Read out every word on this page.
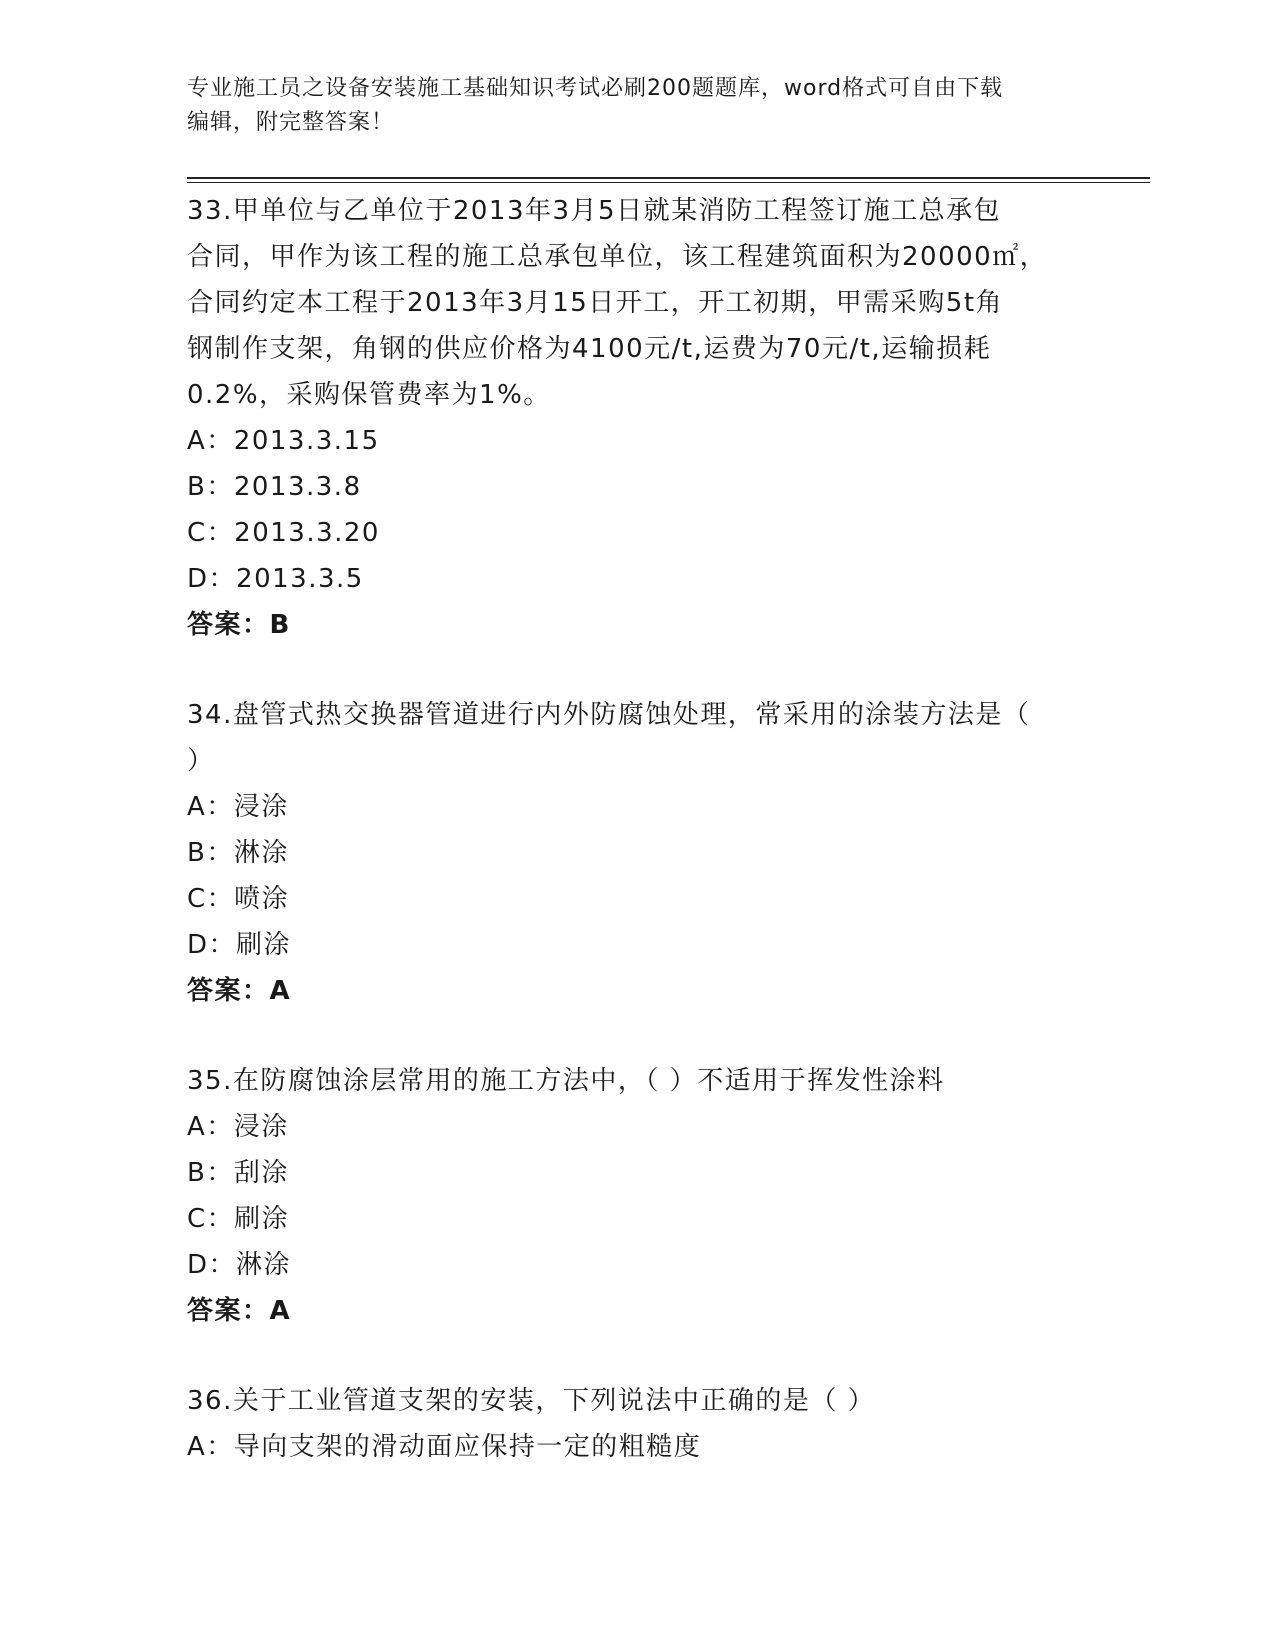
专业施工员之设备安装施工基础知识考试必刷200题题库，word格式可自由下载
编辑，附完整答案！

33.甲单位与乙单位于2013年3月5日就某消防工程签订施工总承包

合同，甲作为该工程的施工总承包单位，该工程建筑面积为20000㎡，

合同约定本工程于2013年3月15日开工，开工初期，甲需采购5t角

钢制作支架，角钢的供应价格为4100元/t,运费为70元/t,运输损耗

0.2%，采购保管费率为1%。

A：2013.3.15

B：2013.3.8

C：2013.3.20

D：2013.3.5

答案：B

34.盘管式热交换器管道进行内外防腐蚀处理，常采用的涂装方法是（

）

A：浸涂

B：淋涂

C：喷涂

D：刷涂

答案：A

35.在防腐蚀涂层常用的施工方法中，（ ）不适用于挥发性涂料

A：浸涂

B：刮涂

C：刷涂

D：淋涂

答案：A

36.关于工业管道支架的安装，下列说法中正确的是（ ）

A：导向支架的滑动面应保持一定的粗糙度
